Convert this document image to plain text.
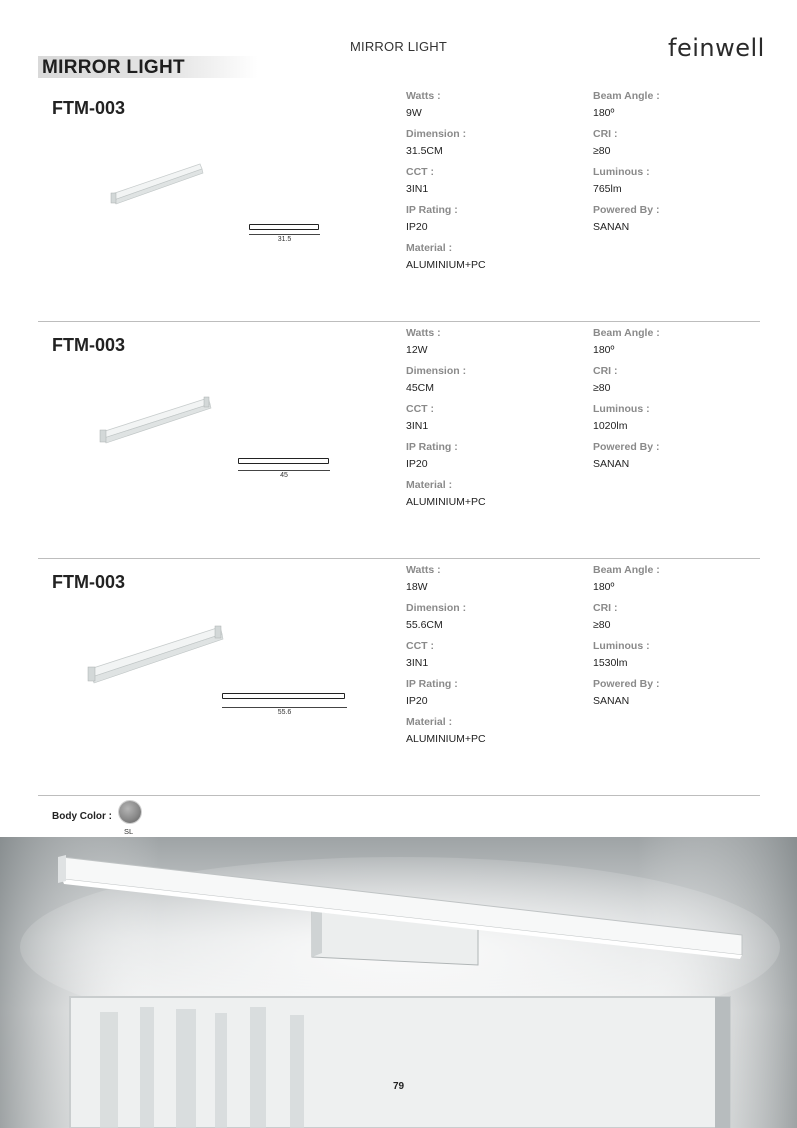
MIRROR LIGHT	feinwell
MIRROR LIGHT
FTM-003
31.5
Watts :
9W
Dimension :
31.5CM
CCT :
3IN1
IP Rating :
IP20
Material :
ALUMINIUM+PC
Beam Angle :
180º
CRI :
≥80
Luminous :
765lm
Powered By :
SANAN
FTM-003
45
Watts :
12W
Dimension :
45CM
CCT :
3IN1
IP Rating :
IP20
Material :
ALUMINIUM+PC
Beam Angle :
180º
CRI :
≥80
Luminous :
1020lm
Powered By :
SANAN
FTM-003
55.6
Watts :
18W
Dimension :
55.6CM
CCT :
3IN1
IP Rating :
IP20
Material :
ALUMINIUM+PC
Beam Angle :
180º
CRI :
≥80
Luminous :
1530lm
Powered By :
SANAN
Body Color :
SL
79
